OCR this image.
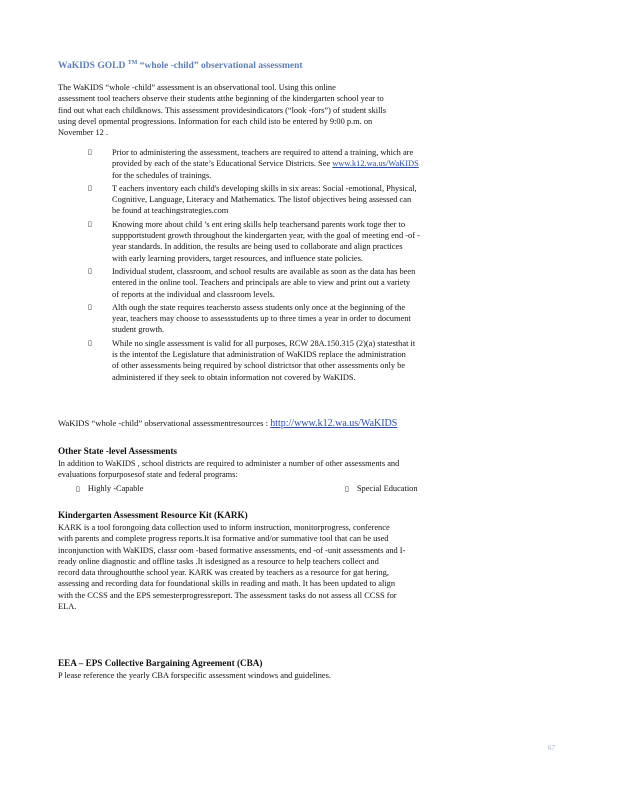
WaKIDS GOLD ™ “whole -child” observational assessment
The WaKIDS “whole -child” assessment is an observational tool. Using this online
assessment tool teachers observe their students atthe beginning of the kindergarten school year to
find out what each childknows. This assessment providesindicators (“look -fors”) of student skills
using devel opmental progressions. Information for each child isto be entered by 9:00 p.m. on
November 12 .
▯	Prior to administering the assessment, teachers are required to attend a training, which are
provided by each of the state’s Educational Service Districts. See www.k12.wa.us/WaKIDS
for the schedules of trainings.
▯	T eachers inventory each child's developing skills in six areas: Social -emotional, Physical,
Cognitive, Language, Literacy and Mathematics. The listof objectives being assessed can
be found at teachingstrategies.com
▯	Knowing more about child ’s ent ering skills help teachersand parents work toge ther to
suppportstudent growth throughout the kindergarten year, with the goal of meeting end -of -
year standards. In addition, the results are being used to collaborate and align practices
with early learning providers, target resources, and influence state policies.
▯	Individual student, classroom, and school results are available as soon as the data has been
entered in the online tool. Teachers and principals are able to view and print out a variety
of reports at the individual and classroom levels.
▯	Alth ough the state requires teachersto assess students only once at the beginning of the
year, teachers may choose to assessstudents up to three times a year in order to document
student growth.
▯	While no single assessment is valid for all purposes, RCW 28A.150.315 (2)(a) statesthat it
is the intentof the Legislature that administration of WaKIDS replace the administration
of other assessments being required by school districtsor that other assessments only be
administered if they seek to obtain information not covered by WaKIDS.
WaKIDS “whole -child” observational assessmentresources : http://www.k12.wa.us/WaKIDS
Other State -level Assessments
In addition to WaKIDS , school districts are required to administer a number of other assessments and
evaluations forpurposesof state and federal programs:
▯ Highly -Capable	▯ Special Education
Kindergarten Assessment Resource Kit (KARK)
KARK is a tool forongoing data collection used to inform instruction, monitorprogress, conference
with parents and complete progress reports.It isa formative and/or summative tool that can be used
inconjunction with WaKIDS, classr oom -based formative assessments, end -of -unit assessments and I-
ready online diagnostic and offline tasks .It isdesigned as a resource to help teachers collect and
record data throughoutthe school year. KARK was created by teachers as a resource for gat hering,
assessing and recording data for foundational skills in reading and math. It has been updated to align
with the CCSS and the EPS semesterprogressreport. The assessment tasks do not assess all CCSS for
ELA.
EEA – EPS Collective Bargaining Agreement (CBA)
P lease reference the yearly CBA forspecific assessment windows and guidelines.
67
